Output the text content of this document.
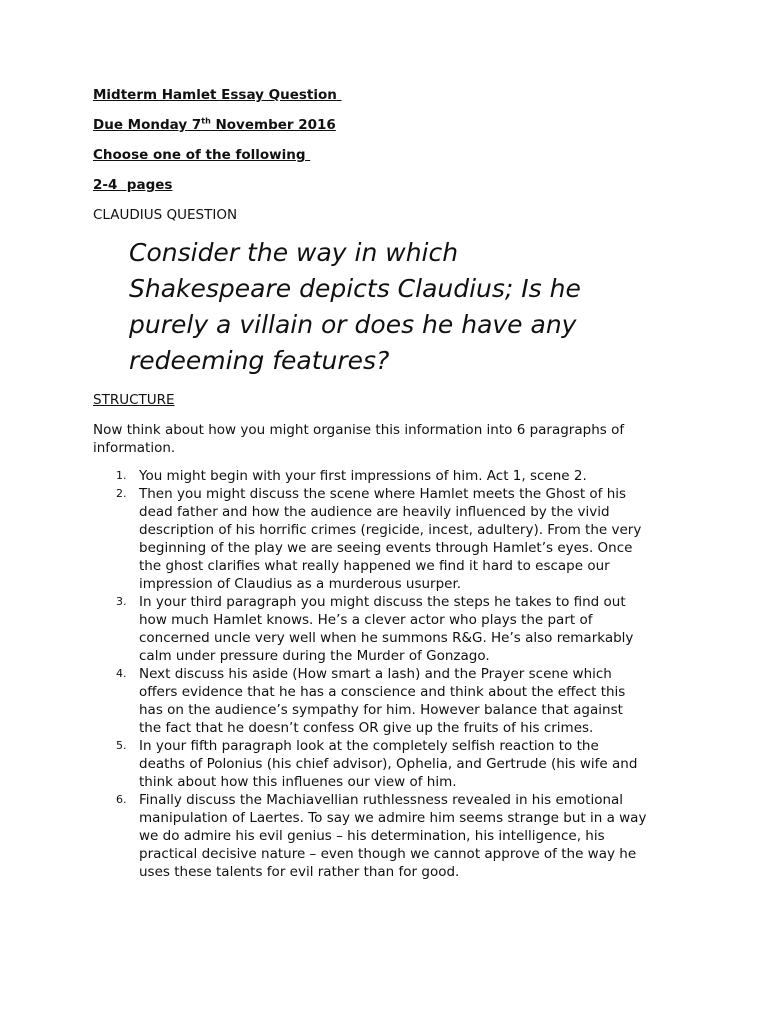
Midterm Hamlet Essay Question
Due Monday 7th November 2016
Choose one of the following
2-4  pages
CLAUDIUS QUESTION
Consider the way in which
Shakespeare depicts Claudius; Is he
purely a villain or does he have any
redeeming features?
STRUCTURE
Now think about how you might organise this information into 6 paragraphs of
information.
1. You might begin with your first impressions of him. Act 1, scene 2.
2. Then you might discuss the scene where Hamlet meets the Ghost of his
dead father and how the audience are heavily influenced by the vivid
description of his horrific crimes (regicide, incest, adultery). From the very
beginning of the play we are seeing events through Hamlet’s eyes. Once
the ghost clarifies what really happened we find it hard to escape our
impression of Claudius as a murderous usurper.
3. In your third paragraph you might discuss the steps he takes to find out
how much Hamlet knows. He’s a clever actor who plays the part of
concerned uncle very well when he summons R&G. He’s also remarkably
calm under pressure during the Murder of Gonzago.
4. Next discuss his aside (How smart a lash) and the Prayer scene which
offers evidence that he has a conscience and think about the effect this
has on the audience’s sympathy for him. However balance that against
the fact that he doesn’t confess OR give up the fruits of his crimes.
5. In your fifth paragraph look at the completely selfish reaction to the
deaths of Polonius (his chief advisor), Ophelia, and Gertrude (his wife and
think about how this influenes our view of him.
6. Finally discuss the Machiavellian ruthlessness revealed in his emotional
manipulation of Laertes. To say we admire him seems strange but in a way
we do admire his evil genius – his determination, his intelligence, his
practical decisive nature – even though we cannot approve of the way he
uses these talents for evil rather than for good.
